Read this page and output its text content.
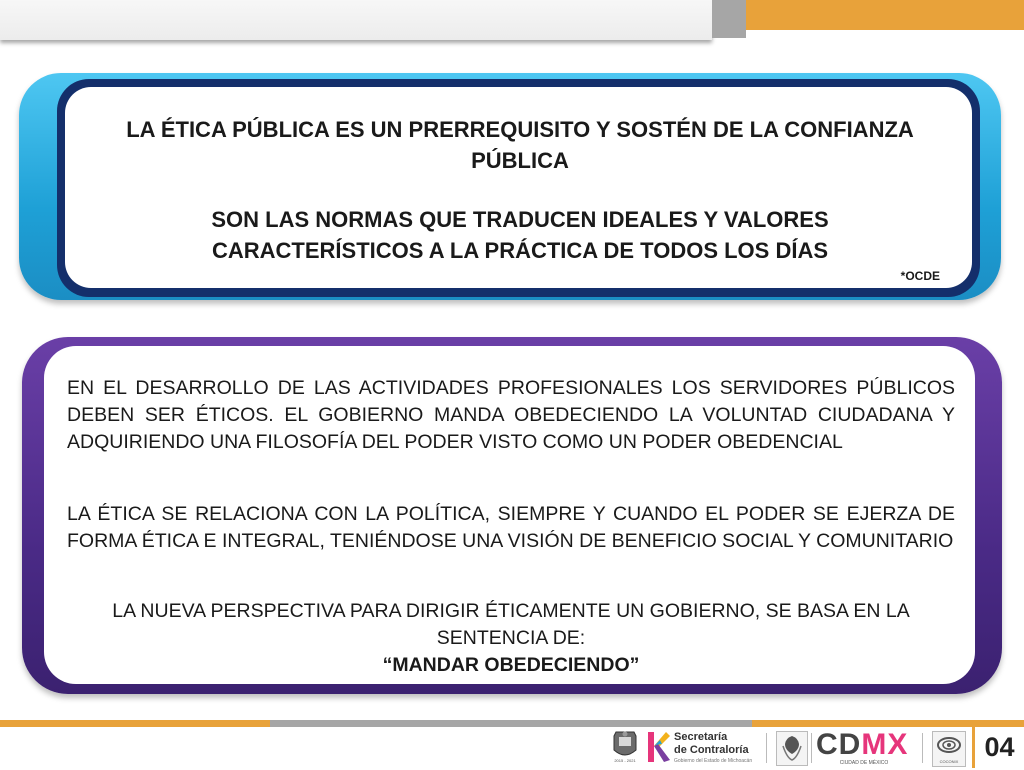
LA ÉTICA PÚBLICA ES UN PRERREQUISITO Y SOSTÉN DE LA CONFIANZA PÚBLICA
SON LAS NORMAS QUE TRADUCEN IDEALES Y VALORES CARACTERÍSTICOS A LA PRÁCTICA DE TODOS LOS DÍAS
*OCDE
EN EL DESARROLLO DE LAS ACTIVIDADES PROFESIONALES LOS SERVIDORES PÚBLICOS DEBEN SER ÉTICOS. EL GOBIERNO MANDA OBEDECIENDO LA VOLUNTAD CIUDADANA Y ADQUIRIENDO UNA FILOSOFÍA DEL PODER VISTO COMO UN PODER OBEDENCIAL
LA ÉTICA SE RELACIONA CON LA POLÍTICA, SIEMPRE Y CUANDO EL PODER SE EJERZA DE FORMA ÉTICA E INTEGRAL, TENIÉNDOSE UNA VISIÓN DE BENEFICIO SOCIAL Y COMUNITARIO
LA NUEVA PERSPECTIVA PARA DIRIGIR ÉTICAMENTE UN GOBIERNO, SE BASA EN LA SENTENCIA DE:
“MANDAR OBEDECIENDO”
2015 - 2021
Secretaría
de Contraloría
Gobierno del Estado de Michoacán CDMX
CIUDAD DE MÉXICO	COCONIX 04
